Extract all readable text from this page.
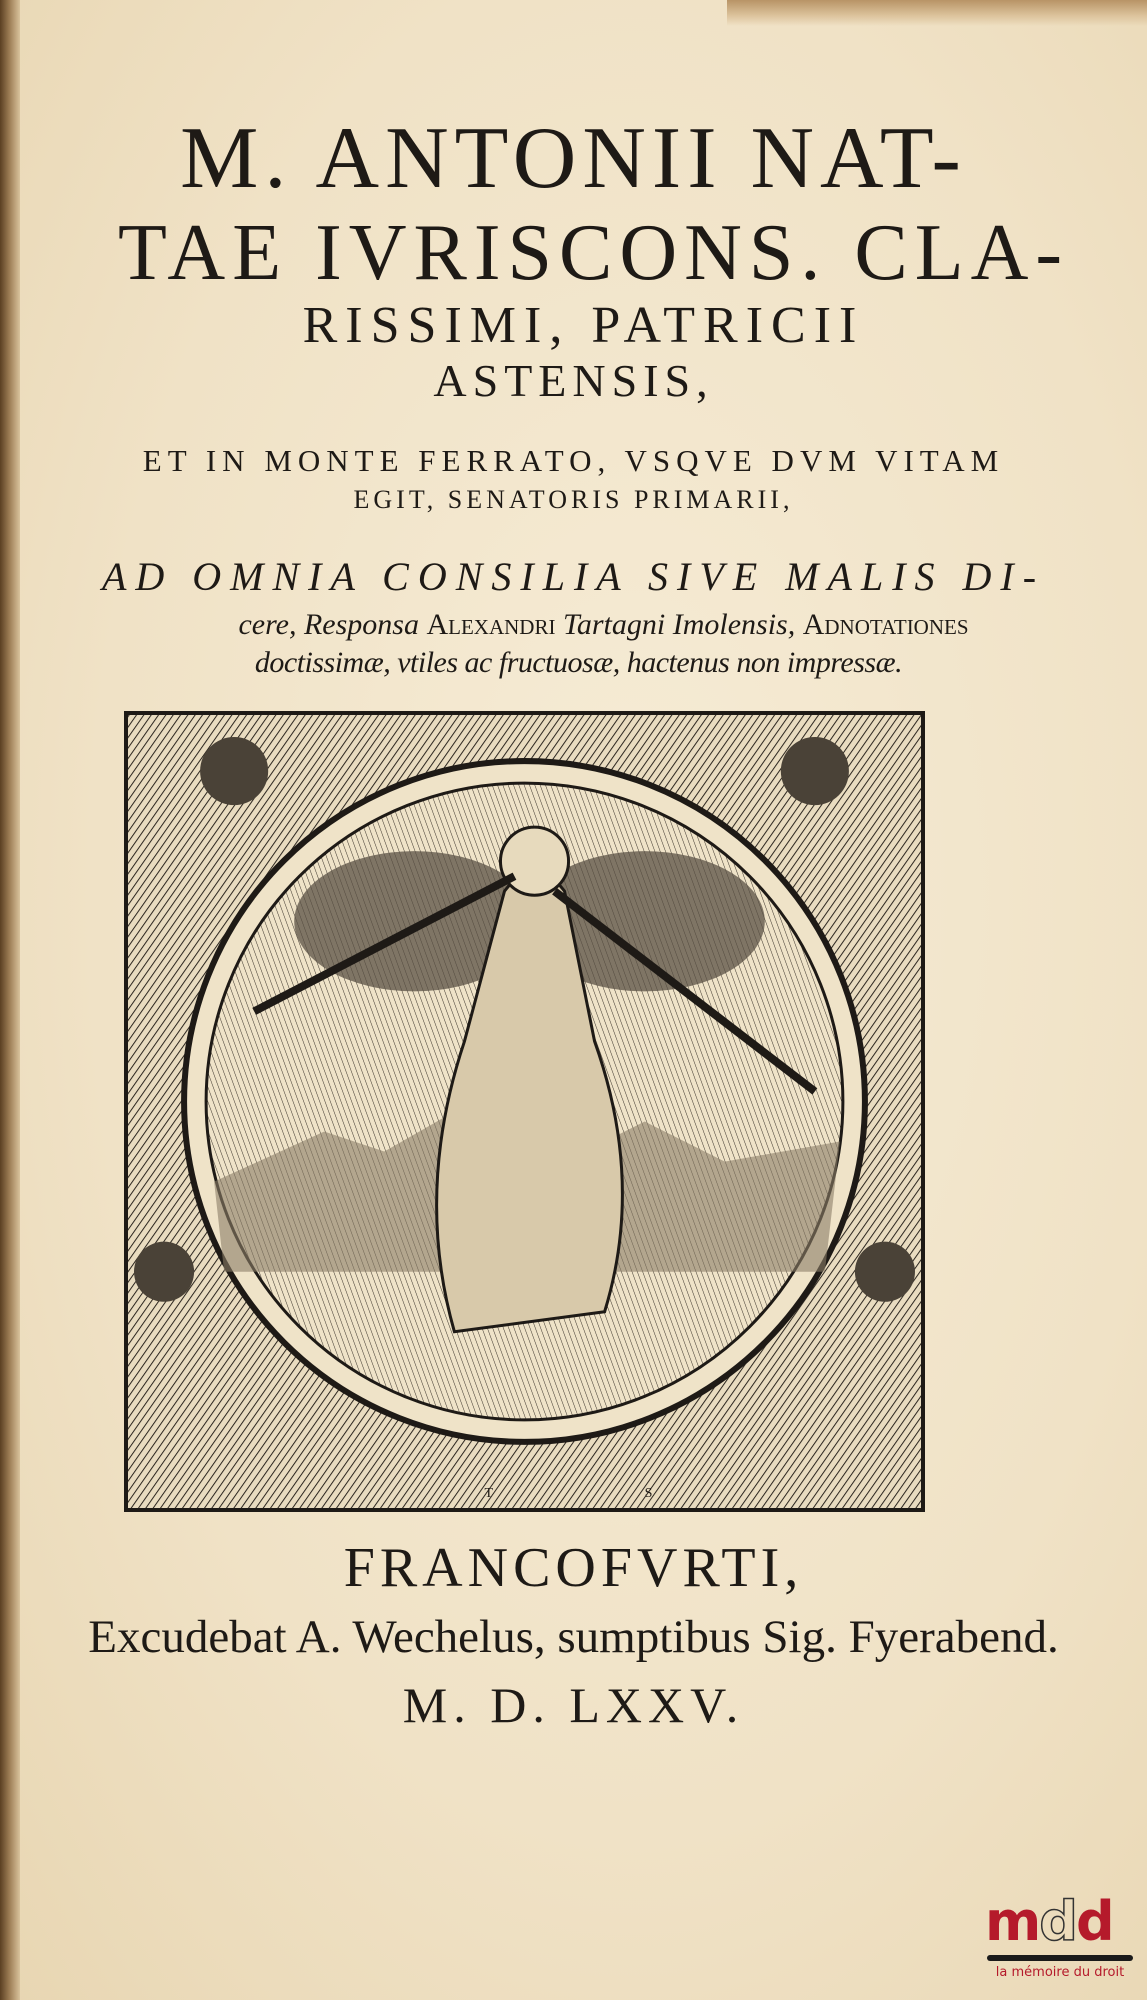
M. ANTONII NAT-
TAE IVRISCONS. CLA-
RISSIMI, PATRICII
ASTENSIS,
ET IN MONTE FERRATO, VSQVE DVM VITAM
EGIT, SENATORIS PRIMARII,
AD OMNIA CONSILIA SIVE MALIS DI-
cere, Responsa Alexandri Tartagni Imolensis, Adnotationes
doctissimæ, vtiles ac fructuosæ, hactenus non impressæ.
T	S
FRANCOFVRTI,
Excudebat A. Wechelus, sumptibus Sig. Fyerabend.
M. D. LXXV.
mdd
la mémoire du droit
